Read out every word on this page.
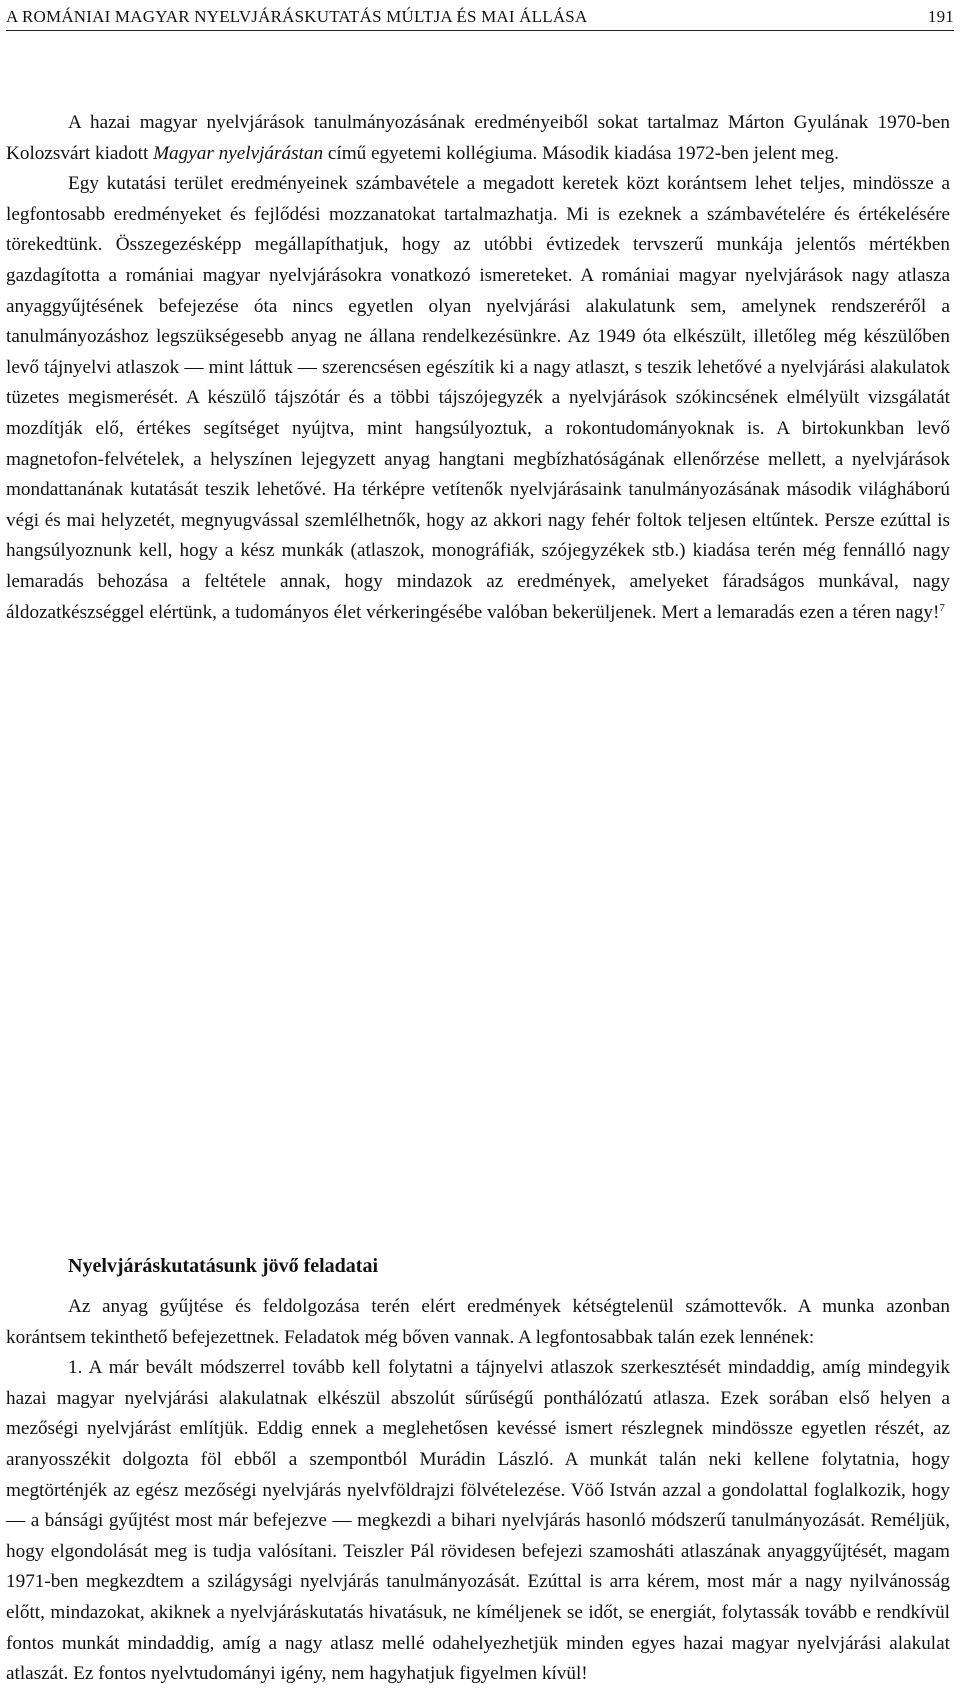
A ROMÁNIAI MAGYAR NYELVJÁRÁSKUTATÁS MÚLTJA ÉS MAI ÁLLÁSA	191

A hazai magyar nyelvjárások tanulmányozásának eredményeiből sokat tartalmaz Márton Gyulának 1970-ben Kolozsvárt kiadott Magyar nyelvjárástan című egyetemi kollégiuma. Második kiadása 1972-ben jelent meg.

Egy kutatási terület eredményeinek számbavétele a megadott keretek közt korántsem lehet teljes, mindössze a legfontosabb eredményeket és fejlődési mozzanatokat tartalmazhatja. Mi is ezeknek a számbavételére és értékelésére törekedtünk. Összegezésképp megállapíthatjuk, hogy az utóbbi évtizedek tervszerű munkája jelentős mértékben gazdagította a romániai magyar nyelvjárásokra vonatkozó ismereteket. A romániai magyar nyelvjárások nagy atlasza anyaggyűjtésének befejezése óta nincs egyetlen olyan nyelvjárási alakulatunk sem, amelynek rendszeréről a tanulmányozáshoz legszükségesebb anyag ne állana rendelkezésünkre. Az 1949 óta elkészült, illetőleg még készülőben levő tájnyelvi atlaszok — mint láttuk — szerencsésen egészítik ki a nagy atlaszt, s teszik lehetővé a nyelvjárási alakulatok tüzetes megismerését. A készülő tájszótár és a többi tájszójegyzék a nyelvjárások szókincsének elmélyült vizsgálatát mozdítják elő, értékes segítséget nyújtva, mint hangsúlyoztuk, a rokontudományoknak is. A birtokunkban levő magnetofon-felvételek, a helyszínen lejegyzett anyag hangtani megbízhatóságának ellenőrzése mellett, a nyelvjárások mondattanának kutatását teszik lehetővé. Ha térképre vetítenők nyelvjárásaink tanulmányozásának második világháború végi és mai helyzetét, megnyugvással szemlélhetnők, hogy az akkori nagy fehér foltok teljesen eltűntek. Persze ezúttal is hangsúlyoznunk kell, hogy a kész munkák (atlaszok, monográfiák, szójegyzékek stb.) kiadása terén még fennálló nagy lemaradás behozása a feltétele annak, hogy mindazok az eredmények, amelyeket fáradságos munkával, nagy áldozatkészséggel elértünk, a tudományos élet vérkeringésébe valóban bekerüljenek. Mert a lemaradás ezen a téren nagy!$^7$

Nyelvjáráskutatásunk jövő feladatai

Az anyag gyűjtése és feldolgozása terén elért eredmények kétségtelenül számottevők. A munka azonban korántsem tekinthető befejezettnek. Feladatok még bőven vannak. A legfontosabbak talán ezek lennének:

1. A már bevált módszerrel tovább kell folytatni a tájnyelvi atlaszok szerkesztését mindaddig, amíg mindegyik hazai magyar nyelvjárási alakulatnak elkészül abszolút sűrűségű ponthálózatú atlasza. Ezek sorában első helyen a mezőségi nyelvjárást említjük. Eddig ennek a meglehetősen kevéssé ismert részlegnek mindössze egyetlen részét, az aranyosszékit dolgozta föl ebből a szempontból Murádin László. A munkát talán neki kellene folytatnia, hogy megtörténjék az egész mezőségi nyelvjárás nyelvföldrajzi fölvételezése. Vöő István azzal a gondolattal foglalkozik, hogy — a bánsági gyűjtést most már befejezve — megkezdi a bihari nyelvjárás hasonló módszerű tanulmányozását. Reméljük, hogy elgondolását meg is tudja valósítani. Teiszler Pál rövidesen befejezi szamosháti atlaszának anyaggyűjtését, magam 1971-ben megkezdtem a szilágysági nyelvjárás tanulmányozását. Ezúttal is arra kérem, most már a nagy nyilvánosság előtt, mindazokat, akiknek a nyelvjáráskutatás hivatásuk, ne kíméljenek se időt, se energiát, folytassák tovább e rendkívül fontos munkát mindaddig, amíg a nagy atlasz mellé odahelyezhetjük minden egyes hazai magyar nyelvjárási alakulat atlaszát. Ez fontos nyelvtudományi igény, nem hagyhatjuk figyelmen kívül!
